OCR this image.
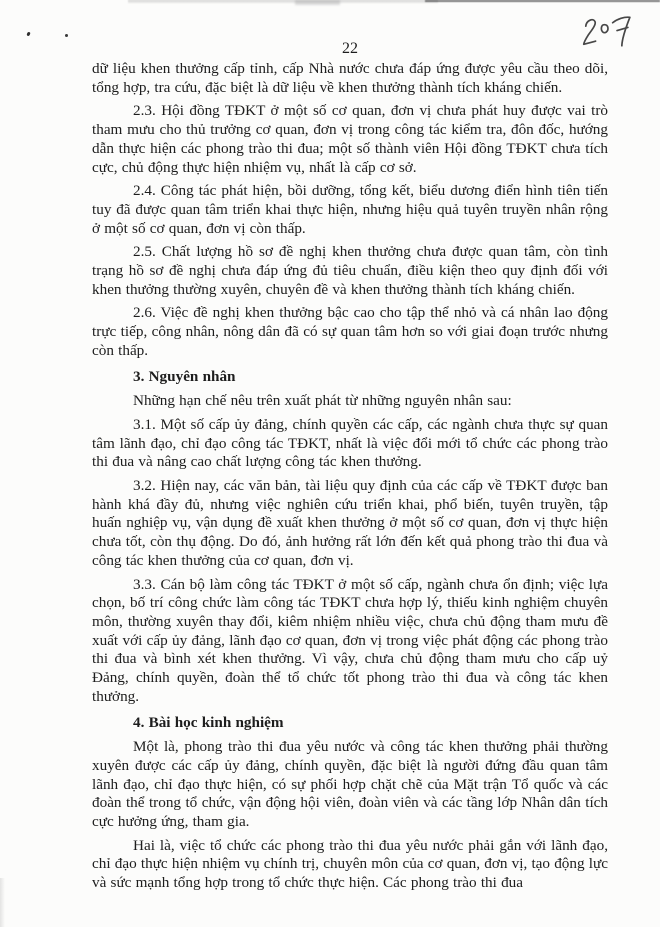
22

dữ liệu khen thưởng cấp tỉnh, cấp Nhà nước chưa đáp ứng được yêu cầu theo dõi, tổng hợp, tra cứu, đặc biệt là dữ liệu về khen thưởng thành tích kháng chiến.

2.3. Hội đồng TĐKT ở một số cơ quan, đơn vị chưa phát huy được vai trò tham mưu cho thủ trưởng cơ quan, đơn vị trong công tác kiểm tra, đôn đốc, hướng dẫn thực hiện các phong trào thi đua; một số thành viên Hội đồng TĐKT chưa tích cực, chủ động thực hiện nhiệm vụ, nhất là cấp cơ sở.

2.4. Công tác phát hiện, bồi dưỡng, tổng kết, biểu dương điển hình tiên tiến tuy đã được quan tâm triển khai thực hiện, nhưng hiệu quả tuyên truyền nhân rộng ở một số cơ quan, đơn vị còn thấp.

2.5. Chất lượng hồ sơ đề nghị khen thưởng chưa được quan tâm, còn tình trạng hồ sơ đề nghị chưa đáp ứng đủ tiêu chuẩn, điều kiện theo quy định đối với khen thưởng thường xuyên, chuyên đề và khen thưởng thành tích kháng chiến.

2.6. Việc đề nghị khen thưởng bậc cao cho tập thể nhỏ và cá nhân lao động trực tiếp, công nhân, nông dân đã có sự quan tâm hơn so với giai đoạn trước nhưng còn thấp.

3. Nguyên nhân

Những hạn chế nêu trên xuất phát từ những nguyên nhân sau:

3.1. Một số cấp ủy đảng, chính quyền các cấp, các ngành chưa thực sự quan tâm lãnh đạo, chỉ đạo công tác TĐKT, nhất là việc đổi mới tổ chức các phong trào thi đua và nâng cao chất lượng công tác khen thưởng.

3.2. Hiện nay, các văn bản, tài liệu quy định của các cấp về TĐKT được ban hành khá đầy đủ, nhưng việc nghiên cứu triển khai, phổ biến, tuyên truyền, tập huấn nghiệp vụ, vận dụng đề xuất khen thưởng ở một số cơ quan, đơn vị thực hiện chưa tốt, còn thụ động. Do đó, ảnh hưởng rất lớn đến kết quả phong trào thi đua và công tác khen thưởng của cơ quan, đơn vị.

3.3. Cán bộ làm công tác TĐKT ở một số cấp, ngành chưa ổn định; việc lựa chọn, bố trí công chức làm công tác TĐKT chưa hợp lý, thiếu kinh nghiệm chuyên môn, thường xuyên thay đổi, kiêm nhiệm nhiều việc, chưa chủ động tham mưu đề xuất với cấp ủy đảng, lãnh đạo cơ quan, đơn vị trong việc phát động các phong trào thi đua và bình xét khen thưởng. Vì vậy, chưa chủ động tham mưu cho cấp uỷ Đảng, chính quyền, đoàn thể tổ chức tốt phong trào thi đua và công tác khen thưởng.

4. Bài học kinh nghiệm

Một là, phong trào thi đua yêu nước và công tác khen thưởng phải thường xuyên được các cấp ủy đảng, chính quyền, đặc biệt là người đứng đầu quan tâm lãnh đạo, chỉ đạo thực hiện, có sự phối hợp chặt chẽ của Mặt trận Tổ quốc và các đoàn thể trong tổ chức, vận động hội viên, đoàn viên và các tầng lớp Nhân dân tích cực hưởng ứng, tham gia.

Hai là, việc tổ chức các phong trào thi đua yêu nước phải gắn với lãnh đạo, chỉ đạo thực hiện nhiệm vụ chính trị, chuyên môn của cơ quan, đơn vị, tạo động lực và sức mạnh tổng hợp trong tổ chức thực hiện. Các phong trào thi đua
